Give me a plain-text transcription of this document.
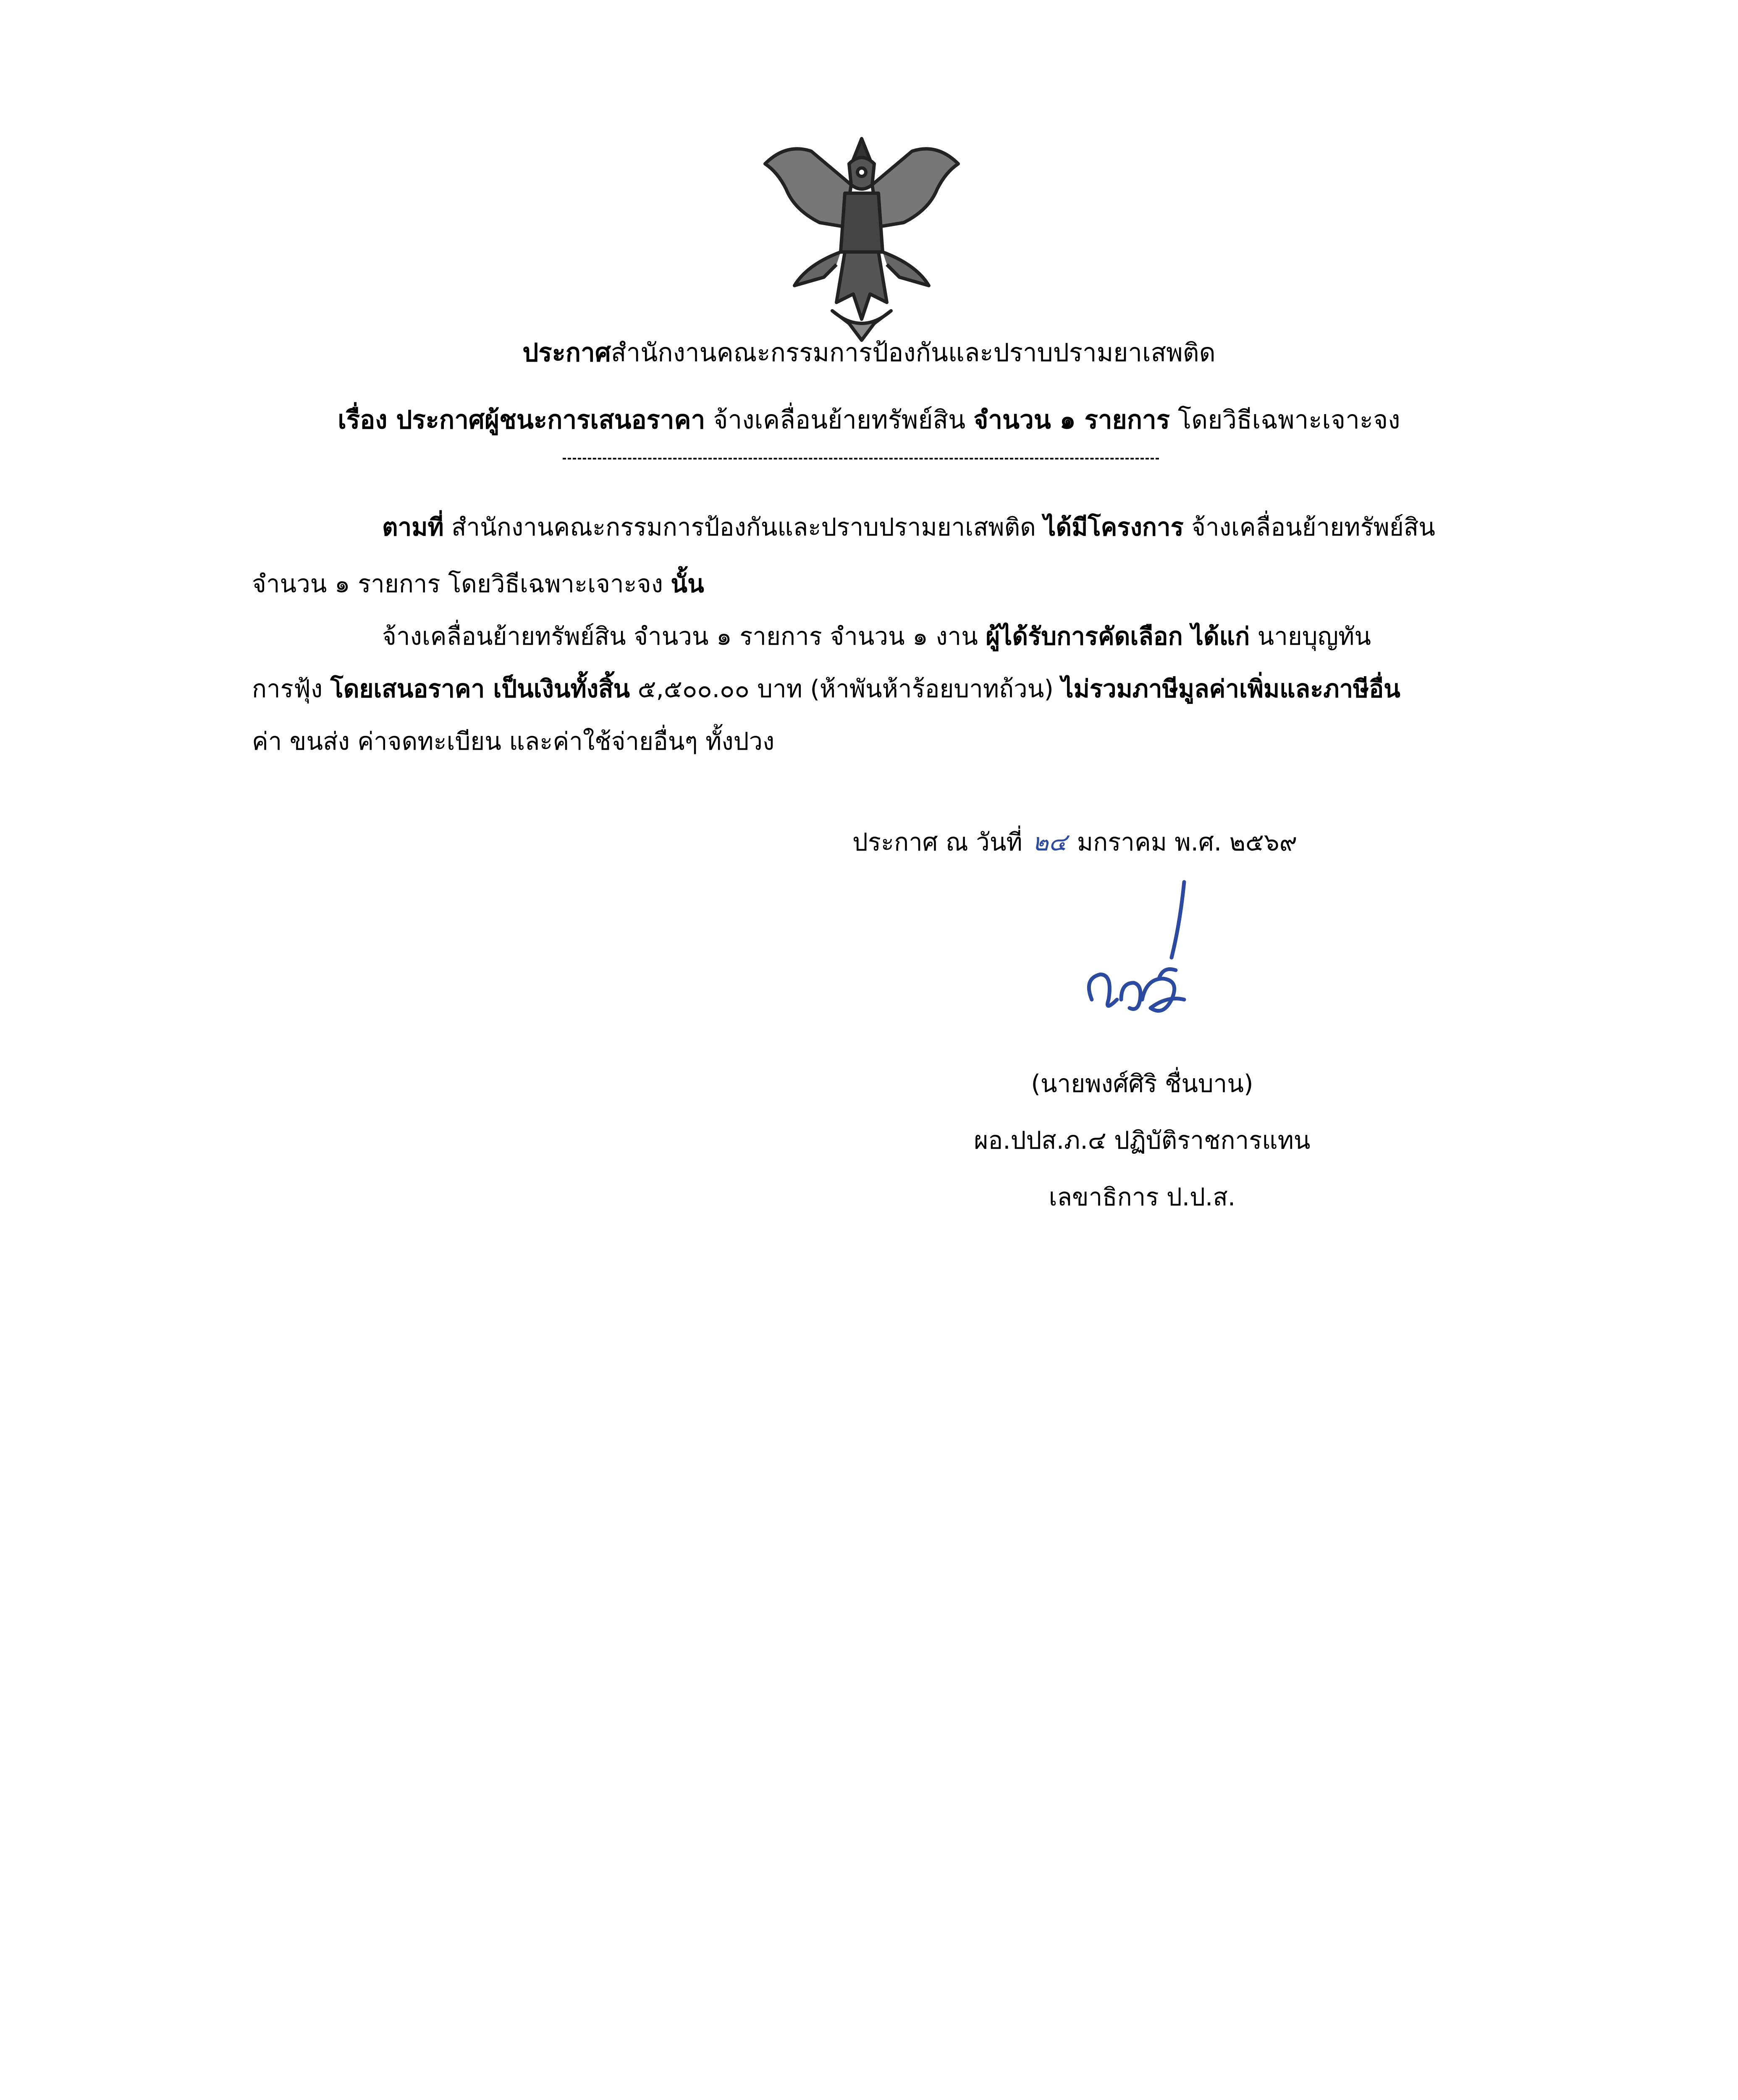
ประกาศสำนักงานคณะกรรมการป้องกันและปราบปรามยาเสพติด
เรื่อง ประกาศผู้ชนะการเสนอราคา จ้างเคลื่อนย้ายทรัพย์สิน จำนวน ๑ รายการ โดยวิธีเฉพาะเจาะจง
ตามที่ สำนักงานคณะกรรมการป้องกันและปราบปรามยาเสพติด ได้มีโครงการ จ้างเคลื่อนย้ายทรัพย์สิน
จำนวน ๑ รายการ โดยวิธีเฉพาะเจาะจง นั้น
จ้างเคลื่อนย้ายทรัพย์สิน จำนวน ๑ รายการ จำนวน ๑ งาน ผู้ได้รับการคัดเลือก ได้แก่ นายบุญทัน
การฟุ้ง โดยเสนอราคา เป็นเงินทั้งสิ้น ๕,๕๐๐.๐๐ บาท (ห้าพันห้าร้อยบาทถ้วน) ไม่รวมภาษีมูลค่าเพิ่มและภาษีอื่น
ค่า ขนส่ง ค่าจดทะเบียน และค่าใช้จ่ายอื่นๆ ทั้งปวง
ประกาศ ณ วันที่ ๒๔ มกราคม พ.ศ. ๒๕๖๙
(นายพงศ์ศิริ ชื่นบาน)
ผอ.ปปส.ภ.๔ ปฏิบัติราชการแทน
เลขาธิการ ป.ป.ส.
